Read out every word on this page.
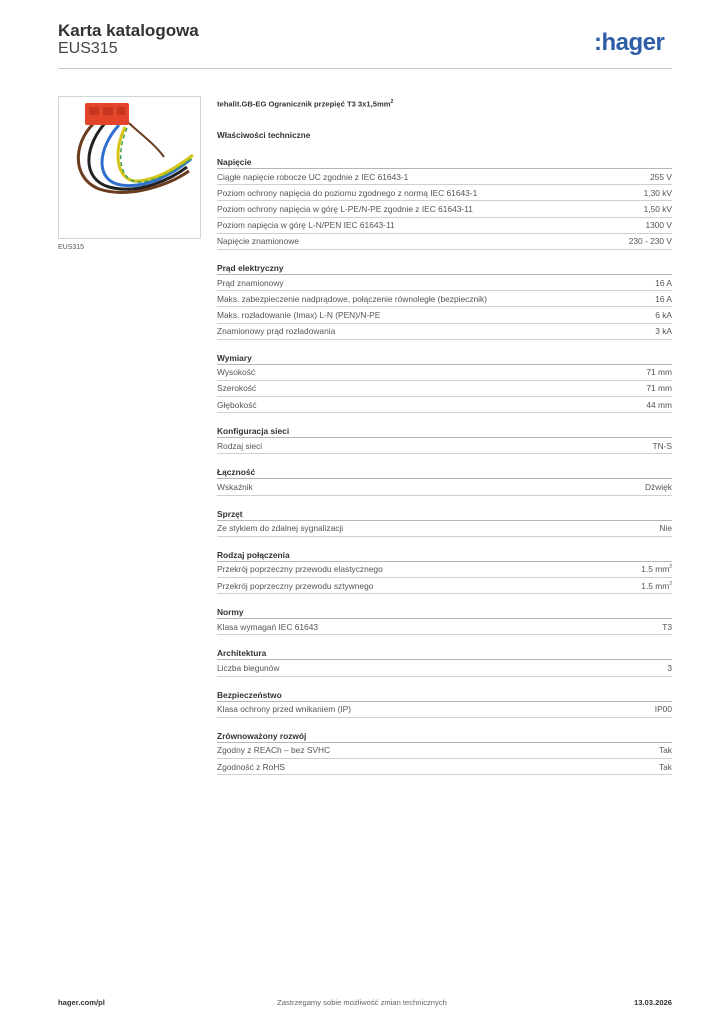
Karta katalogowa
EUS315	:hager
EUS315
tehalit.GB-EG Ogranicznik przepięć T3 $3x1,5mm^2$
Właściwości techniczne
Napięcie
Ciągłe napięcie robocze UC zgodnie z IEC 61643-1	255 V
Poziom ochrony napięcia do poziomu zgodnego z normą IEC 61643-1	1,30 kV
Poziom ochrony napięcia w górę L-PE/N-PE zgodnie z IEC 61643-11	1,50 kV
Poziom napięcia w górę L-N/PEN IEC 61643-11	1300 V
Napięcie znamionowe	230 - 230 V
Prąd elektryczny
Prąd znamionowy	16 A
Maks. zabezpieczenie nadprądowe, połączenie równoległe (bezpiecznik)	16 A
Maks. rozładowanie (Imax) L-N (PEN)/N-PE	6 kA
Znamionowy prąd rozładowania	3 kA
Wymiary
Wysokość	71 mm
Szerokość	71 mm
Głębokość	44 mm
Konfiguracja sieci
Rodzaj sieci	TN-S
Łączność
Wskaźnik	Dźwięk
Sprzęt
Ze stykiem do zdalnej sygnalizacji	Nie
Rodzaj połączenia
Przekrój poprzeczny przewodu elastycznego	1.5 $mm^2$
Przekrój poprzeczny przewodu sztywnego	1.5 $mm^2$
Normy
Klasa wymagań IEC 61643	T3
Architektura
Liczba biegunów	3
Bezpieczeństwo
Klasa ochrony przed wnikaniem (IP)	IP00
Zrównoważony rozwój
Zgodny z REACh – bez SVHC	Tak
Zgodność z RoHS	Tak
hager.com/pl	Zastrzegamy sobie możliwość zmian technicznych	13.03.2026
